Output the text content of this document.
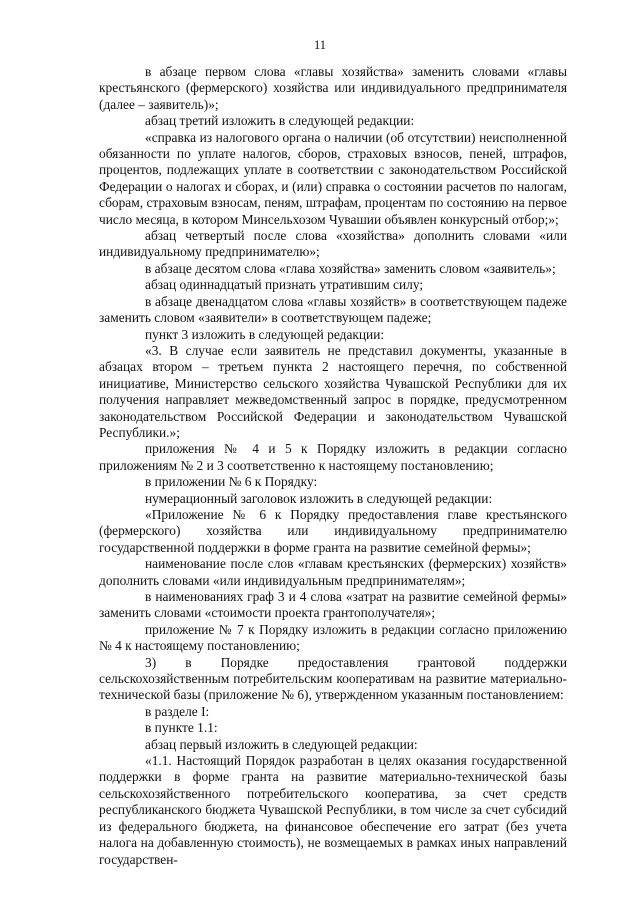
11

в абзаце первом слова «главы хозяйства» заменить словами «главы крестьянского (фермерского) хозяйства или индивидуального предпринимателя (далее – заявитель)»;

абзац третий изложить в следующей редакции:

«справка из налогового органа о наличии (об отсутствии) неисполненной обязанности по уплате налогов, сборов, страховых взносов, пеней, штрафов, процентов, подлежащих уплате в соответствии с законодательством Российской Федерации о налогах и сборах, и (или) справка о состоянии расчетов по налогам, сборам, страховым взносам, пеням, штрафам, процентам по состоянию на первое число месяца, в котором Минсельхозом Чувашии объявлен конкурсный отбор;»;

абзац четвертый после слова «хозяйства» дополнить словами «или индивидуальному предпринимателю»;

в абзаце десятом слова «глава хозяйства» заменить словом «заявитель»;

абзац одиннадцатый признать утратившим силу;

в абзаце двенадцатом слова «главы хозяйств» в соответствующем падеже заменить словом «заявители» в соответствующем падеже;

пункт 3 изложить в следующей редакции:

«3. В случае если заявитель не представил документы, указанные в абзацах втором – третьем пункта 2 настоящего перечня, по собственной инициативе, Министерство сельского хозяйства Чувашской Республики для их получения направляет межведомственный запрос в порядке, предусмотренном законодательством Российской Федерации и законодательством Чувашской Республики.»;

приложения № 4 и 5 к Порядку изложить в редакции согласно приложениям № 2 и 3 соответственно к настоящему постановлению;

в приложении № 6 к Порядку:

нумерационный заголовок изложить в следующей редакции:

«Приложение № 6 к Порядку предоставления главе крестьянского (фермерского) хозяйства или индивидуальному предпринимателю государственной поддержки в форме гранта на развитие семейной фермы»;

наименование после слов «главам крестьянских (фермерских) хозяйств» дополнить словами «или индивидуальным предпринимателям»;

в наименованиях граф 3 и 4 слова «затрат на развитие семейной фермы» заменить словами «стоимости проекта грантополучателя»;

приложение № 7 к Порядку изложить в редакции согласно приложению № 4 к настоящему постановлению;

3) в Порядке предоставления грантовой поддержки сельскохозяйственным потребительским кооперативам на развитие материально-технической базы (приложение № 6), утвержденном указанным постановлением:

в разделе I:

в пункте 1.1:

абзац первый изложить в следующей редакции:

«1.1. Настоящий Порядок разработан в целях оказания государственной поддержки в форме гранта на развитие материально-технической базы сельскохозяйственного потребительского кооператива, за счет средств республиканского бюджета Чувашской Республики, в том числе за счет субсидий из федерального бюджета, на финансовое обеспечение его затрат (без учета налога на добавленную стоимость), не возмещаемых в рамках иных направлений государствен-
